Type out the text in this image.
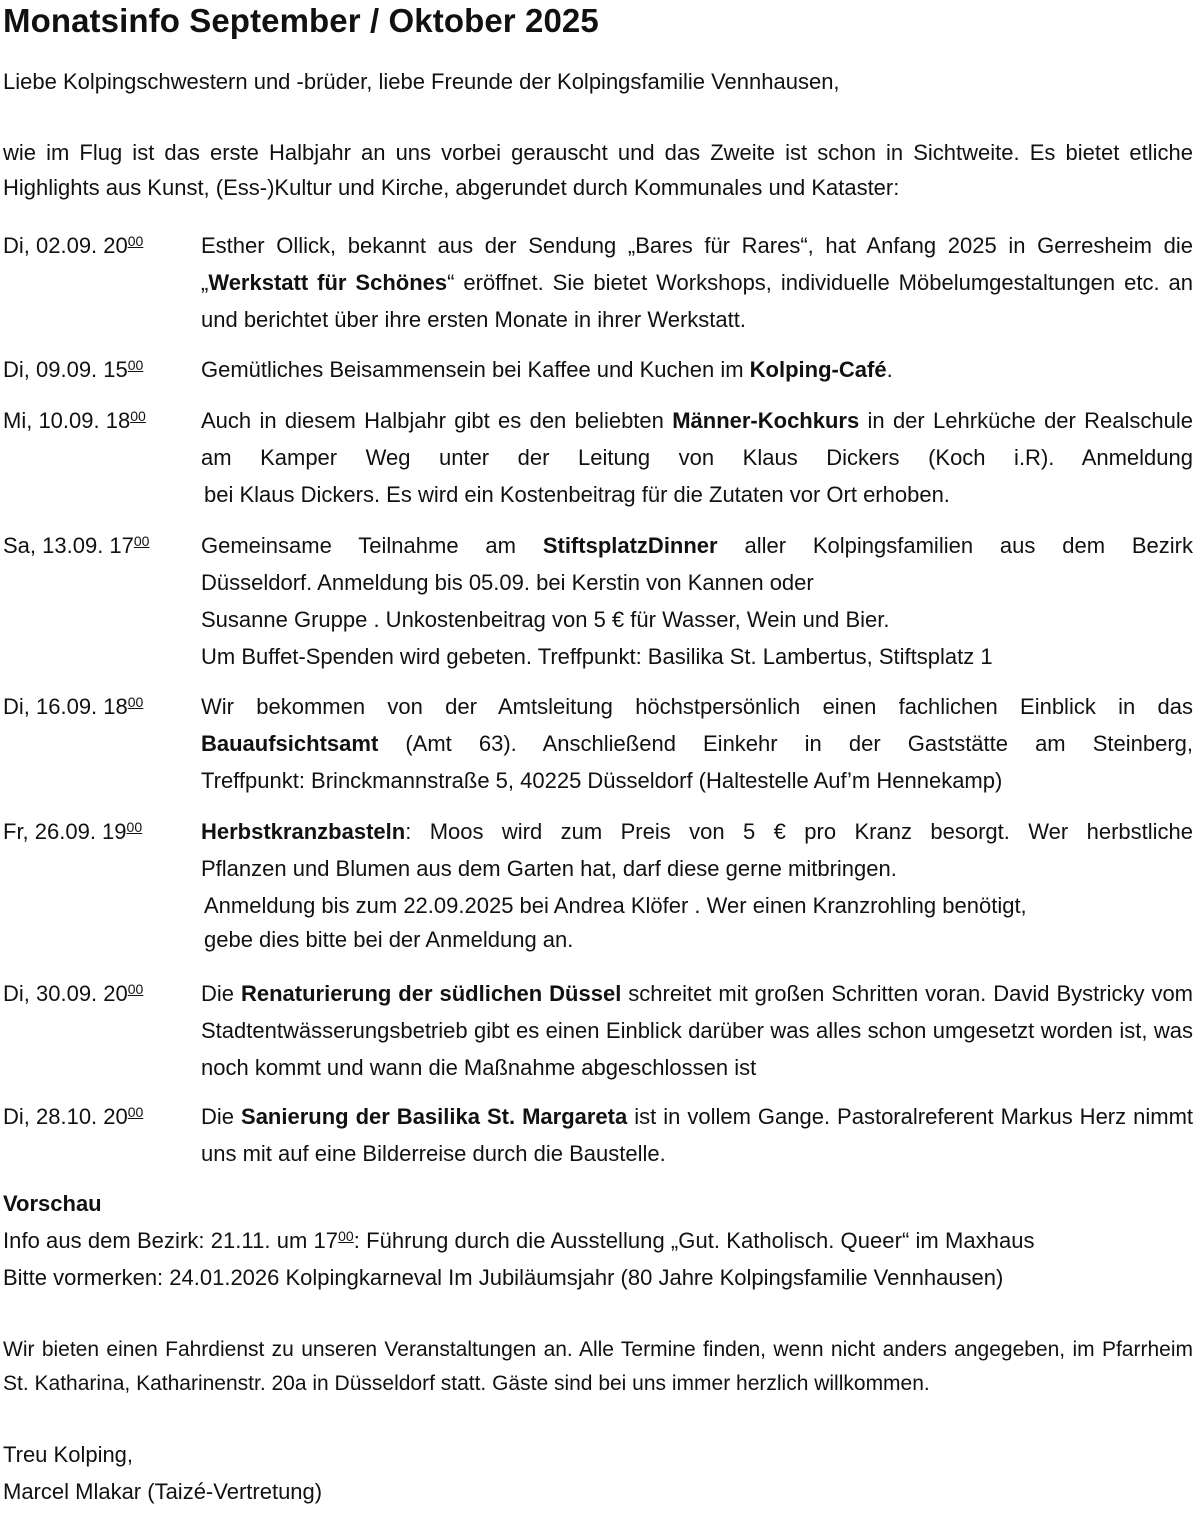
Monatsinfo September / Oktober 2025
Liebe Kolpingschwestern und -brüder, liebe Freunde der Kolpingsfamilie Vennhausen,
wie im Flug ist das erste Halbjahr an uns vorbei gerauscht und das Zweite ist schon in Sichtweite. Es bietet etliche Highlights aus Kunst, (Ess-)Kultur und Kirche, abgerundet durch Kommunales und Kataster:
Di, 02.09. $20^{00}$	Esther Ollick, bekannt aus der Sendung „Bares für Rares“, hat Anfang 2025 in Gerresheim die „Werkstatt für Schönes“ eröffnet. Sie bietet Workshops, individuelle Möbelumgestaltungen etc. an und berichtet über ihre ersten Monate in ihrer Werkstatt.
Di, 09.09. $15^{00}$	Gemütliches Beisammensein bei Kaffee und Kuchen im Kolping-Café.
Mi, 10.09. $18^{00}$	Auch in diesem Halbjahr gibt es den beliebten Männer-Kochkurs in der Lehrküche der Realschule am Kamper Weg unter der Leitung von Klaus Dickers (Koch i.R). Anmeldung
bei Klaus Dickers. Es wird ein Kostenbeitrag für die Zutaten vor Ort erhoben.
Sa, 13.09. $17^{00}$ Gemeinsame Teilnahme am StiftsplatzDinner aller Kolpingsfamilien aus dem Bezirk
Düsseldorf. Anmeldung bis 05.09. bei Kerstin von Kannen oder
Susanne Gruppe . Unkostenbeitrag von 5 € für Wasser, Wein und Bier.
Um Buffet-Spenden wird gebeten. Treffpunkt: Basilika St. Lambertus, Stiftsplatz 1
Di, 16.09. $18^{00}$	Wir bekommen von der Amtsleitung höchstpersönlich einen fachlichen Einblick in das
Bauaufsichtsamt (Amt 63). Anschließend Einkehr in der Gaststätte am Steinberg,
Treffpunkt: Brinckmannstraße 5, 40225 Düsseldorf (Haltestelle Auf’m Hennekamp)
Fr, 26.09. $19^{00}$	Herbstkranzbasteln: Moos wird zum Preis von 5 € pro Kranz besorgt. Wer herbstliche
Pflanzen und Blumen aus dem Garten hat, darf diese gerne mitbringen.
Anmeldung bis zum 22.09.2025 bei Andrea Klöfer . Wer einen Kranzrohling benötigt,
gebe dies bitte bei der Anmeldung an.
Di, 30.09. $20^{00}$	Die Renaturierung der südlichen Düssel schreitet mit großen Schritten voran. David Bystricky vom Stadtentwässerungsbetrieb gibt es einen Einblick darüber was alles schon umgesetzt worden ist, was noch kommt und wann die Maßnahme abgeschlossen ist
Di, 28.10. $20^{00}$	Die Sanierung der Basilika St. Margareta ist in vollem Gange. Pastoralreferent Markus Herz nimmt uns mit auf eine Bilderreise durch die Baustelle.
Vorschau
Info aus dem Bezirk: 21.11. um $17^{00}$: Führung durch die Ausstellung „Gut. Katholisch. Queer“ im Maxhaus
Bitte vormerken: 24.01.2026 Kolpingkarneval Im Jubiläumsjahr (80 Jahre Kolpingsfamilie Vennhausen)
Wir bieten einen Fahrdienst zu unseren Veranstaltungen an. Alle Termine finden, wenn nicht anders angegeben, im Pfarrheim St. Katharina, Katharinenstr. 20a in Düsseldorf statt. Gäste sind bei uns immer herzlich willkommen.
Treu Kolping,
Marcel Mlakar (Taizé-Vertretung)
